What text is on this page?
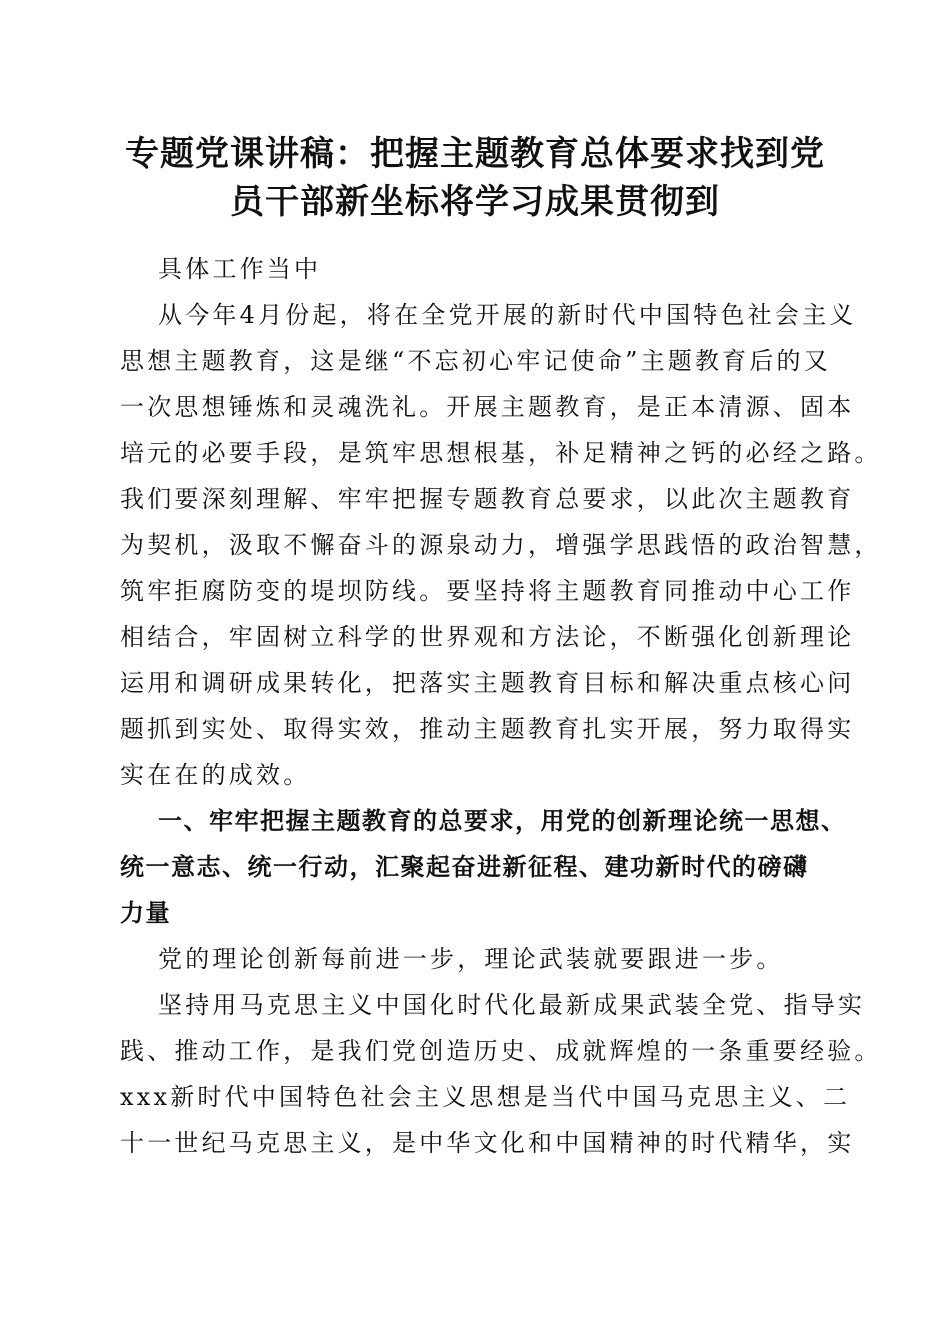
专题党课讲稿：把握主题教育总体要求找到党
员干部新坐标将学习成果贯彻到
具体工作当中
从今年4月份起，将在全党开展的新时代中国特色社会主义
思想主题教育，这是继“不忘初心牢记使命”主题教育后的又
一次思想锤炼和灵魂洗礼。开展主题教育，是正本清源、固本
培元的必要手段，是筑牢思想根基，补足精神之钙的必经之路。
我们要深刻理解、牢牢把握专题教育总要求，以此次主题教育
为契机，汲取不懈奋斗的源泉动力，增强学思践悟的政治智慧，
筑牢拒腐防变的堤坝防线。要坚持将主题教育同推动中心工作
相结合，牢固树立科学的世界观和方法论，不断强化创新理论
运用和调研成果转化，把落实主题教育目标和解决重点核心问
题抓到实处、取得实效，推动主题教育扎实开展，努力取得实
实在在的成效。
一、牢牢把握主题教育的总要求，用党的创新理论统一思想、
统一意志、统一行动，汇聚起奋进新征程、建功新时代的磅礴
力量
党的理论创新每前进一步，理论武装就要跟进一步。
坚持用马克思主义中国化时代化最新成果武装全党、指导实
践、推动工作，是我们党创造历史、成就辉煌的一条重要经验。
xxx新时代中国特色社会主义思想是当代中国马克思主义、二
十一世纪马克思主义，是中华文化和中国精神的时代精华，实
